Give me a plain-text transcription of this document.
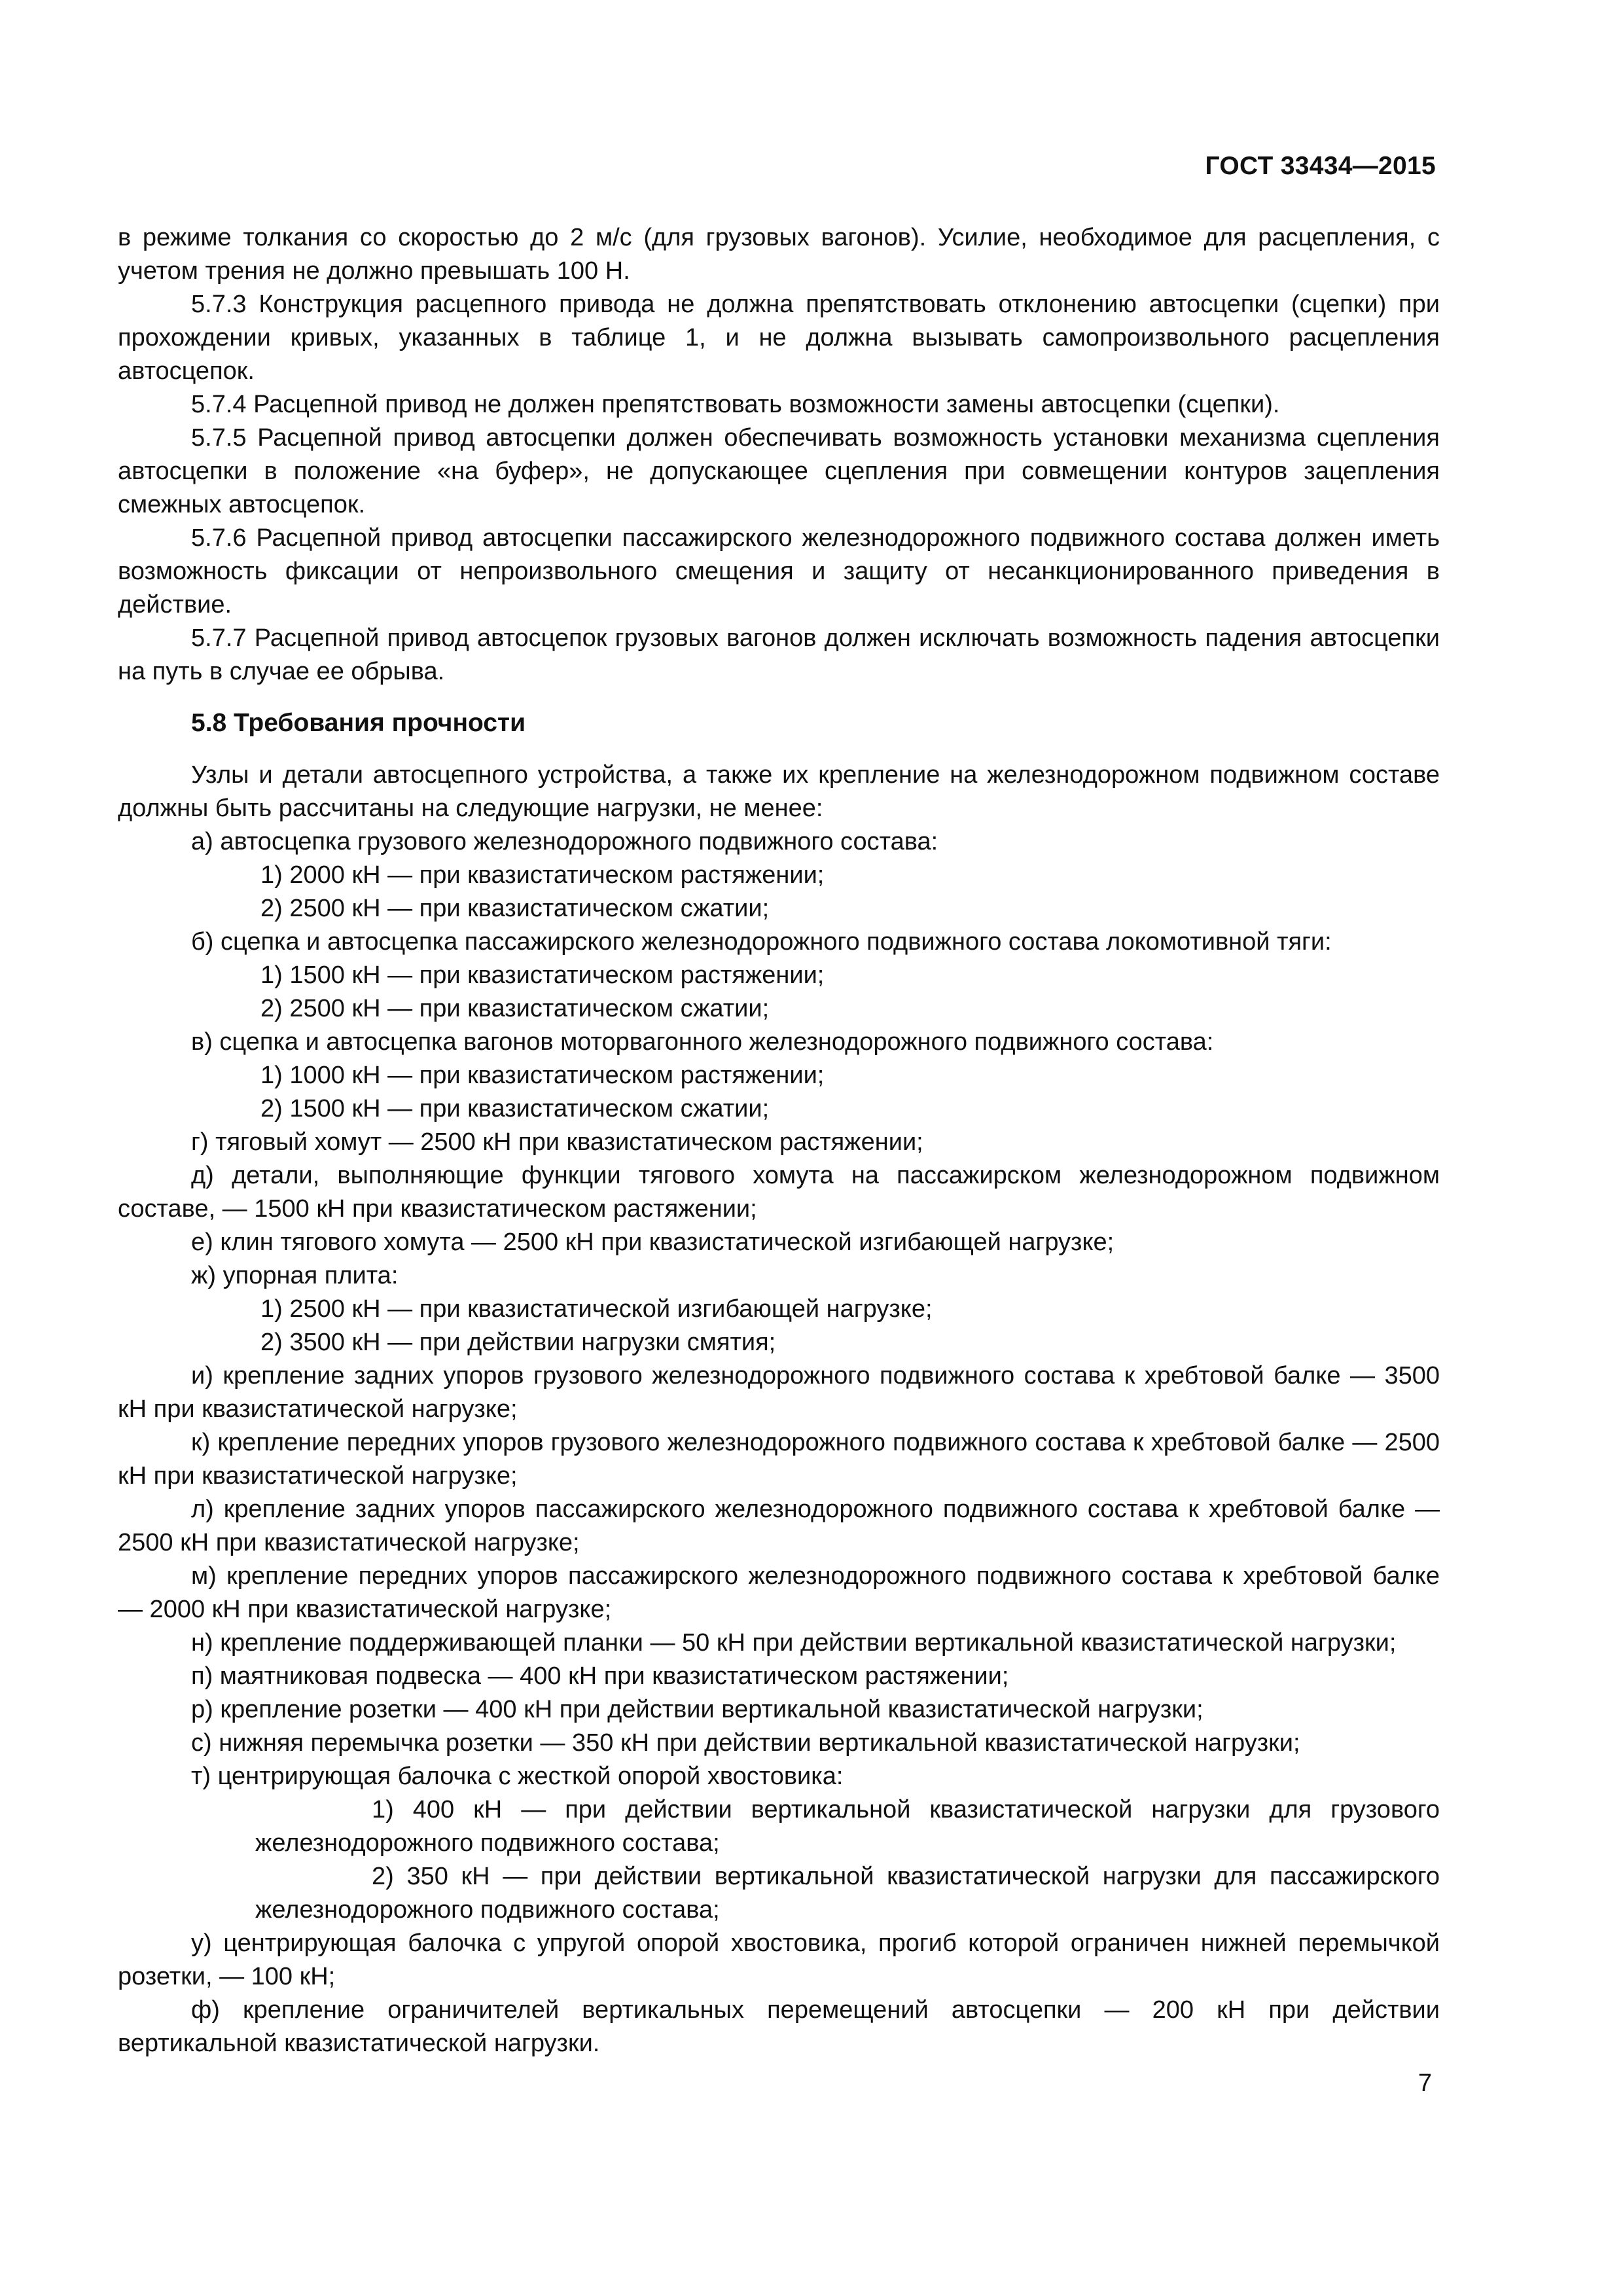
ГОСТ 33434—2015

в режиме толкания со скоростью до 2 м/с (для грузовых вагонов). Усилие, необходимое для расцепления, с учетом трения не должно превышать 100 Н.

5.7.3 Конструкция расцепного привода не должна препятствовать отклонению автосцепки (сцепки) при прохождении кривых, указанных в таблице 1, и не должна вызывать самопроизвольного расцепления автосцепок.

5.7.4 Расцепной привод не должен препятствовать возможности замены автосцепки (сцепки).

5.7.5 Расцепной привод автосцепки должен обеспечивать возможность установки механизма сцепления автосцепки в положение «на буфер», не допускающее сцепления при совмещении контуров зацепления смежных автосцепок.

5.7.6 Расцепной привод автосцепки пассажирского железнодорожного подвижного состава должен иметь возможность фиксации от непроизвольного смещения и защиту от несанкционированного приведения в действие.

5.7.7 Расцепной привод автосцепок грузовых вагонов должен исключать возможность падения автосцепки на путь в случае ее обрыва.

5.8 Требования прочности

Узлы и детали автосцепного устройства, а также их крепление на железнодорожном подвижном составе должны быть рассчитаны на следующие нагрузки, не менее:

а) автосцепка грузового железнодорожного подвижного состава:

1) 2000 кН — при квазистатическом растяжении;

2) 2500 кН — при квазистатическом сжатии;

б) сцепка и автосцепка пассажирского железнодорожного подвижного состава локомотивной тяги:

1) 1500 кН — при квазистатическом растяжении;

2) 2500 кН — при квазистатическом сжатии;

в) сцепка и автосцепка вагонов моторвагонного железнодорожного подвижного состава:

1) 1000 кН — при квазистатическом растяжении;

2) 1500 кН — при квазистатическом сжатии;

г) тяговый хомут — 2500 кН при квазистатическом растяжении;

д) детали, выполняющие функции тягового хомута на пассажирском железнодорожном подвижном составе, — 1500 кН при квазистатическом растяжении;

е) клин тягового хомута — 2500 кН при квазистатической изгибающей нагрузке;

ж) упорная плита:

1) 2500 кН — при квазистатической изгибающей нагрузке;

2) 3500 кН — при действии нагрузки смятия;

и) крепление задних упоров грузового железнодорожного подвижного состава к хребтовой балке — 3500 кН при квазистатической нагрузке;

к) крепление передних упоров грузового железнодорожного подвижного состава к хребтовой балке — 2500 кН при квазистатической нагрузке;

л) крепление задних упоров пассажирского железнодорожного подвижного состава к хребтовой балке — 2500 кН при квазистатической нагрузке;

м) крепление передних упоров пассажирского железнодорожного подвижного состава к хребтовой балке — 2000 кН при квазистатической нагрузке;

н) крепление поддерживающей планки — 50 кН при действии вертикальной квазистатической нагрузки;

п) маятниковая подвеска — 400 кН при квазистатическом растяжении;

р) крепление розетки — 400 кН при действии вертикальной квазистатической нагрузки;

с) нижняя перемычка розетки — 350 кН при действии вертикальной квазистатической нагрузки;

т) центрирующая балочка с жесткой опорой хвостовика:

1) 400 кН — при действии вертикальной квазистатической нагрузки для грузового железнодорожного подвижного состава;

2) 350 кН — при действии вертикальной квазистатической нагрузки для пассажирского железнодорожного подвижного состава;

у) центрирующая балочка с упругой опорой хвостовика, прогиб которой ограничен нижней перемычкой розетки, — 100 кН;

ф) крепление ограничителей вертикальных перемещений автосцепки — 200 кН при действии вертикальной квазистатической нагрузки.

7
